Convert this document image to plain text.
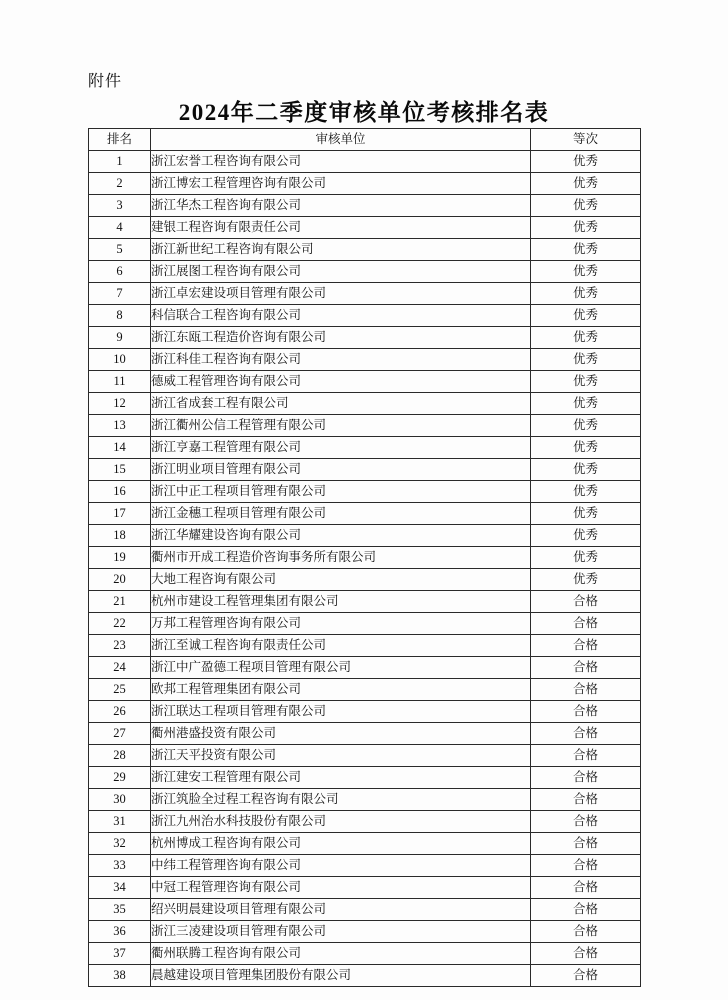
附件
2024年二季度审核单位考核排名表
排名	审核单位	等次
1	浙江宏誉工程咨询有限公司	优秀
2	浙江博宏工程管理咨询有限公司	优秀
3	浙江华杰工程咨询有限公司	优秀
4	建银工程咨询有限责任公司	优秀
5	浙江新世纪工程咨询有限公司	优秀
6	浙江展图工程咨询有限公司	优秀
7	浙江卓宏建设项目管理有限公司	优秀
8	科信联合工程咨询有限公司	优秀
9	浙江东瓯工程造价咨询有限公司	优秀
10	浙江科佳工程咨询有限公司	优秀
11	德威工程管理咨询有限公司	优秀
12	浙江省成套工程有限公司	优秀
13	浙江衢州公信工程管理有限公司	优秀
14	浙江亨嘉工程管理有限公司	优秀
15	浙江明业项目管理有限公司	优秀
16	浙江中正工程项目管理有限公司	优秀
17	浙江金穗工程项目管理有限公司	优秀
18	浙江华耀建设咨询有限公司	优秀
19	衢州市开成工程造价咨询事务所有限公司	优秀
20	大地工程咨询有限公司	优秀
21	杭州市建设工程管理集团有限公司	合格
22	万邦工程管理咨询有限公司	合格
23	浙江至诚工程咨询有限责任公司	合格
24	浙江中广盈德工程项目管理有限公司	合格
25	欧邦工程管理集团有限公司	合格
26	浙江联达工程项目管理有限公司	合格
27	衢州港盛投资有限公司	合格
28	浙江天平投资有限公司	合格
29	浙江建安工程管理有限公司	合格
30	浙江筑脸全过程工程咨询有限公司	合格
31	浙江九州治水科技股份有限公司	合格
32	杭州博成工程咨询有限公司	合格
33	中纬工程管理咨询有限公司	合格
34	中冠工程管理咨询有限公司	合格
35	绍兴明晨建设项目管理有限公司	合格
36	浙江三凌建设项目管理有限公司	合格
37	衢州联腾工程咨询有限公司	合格
38	晨越建设项目管理集团股份有限公司	合格
